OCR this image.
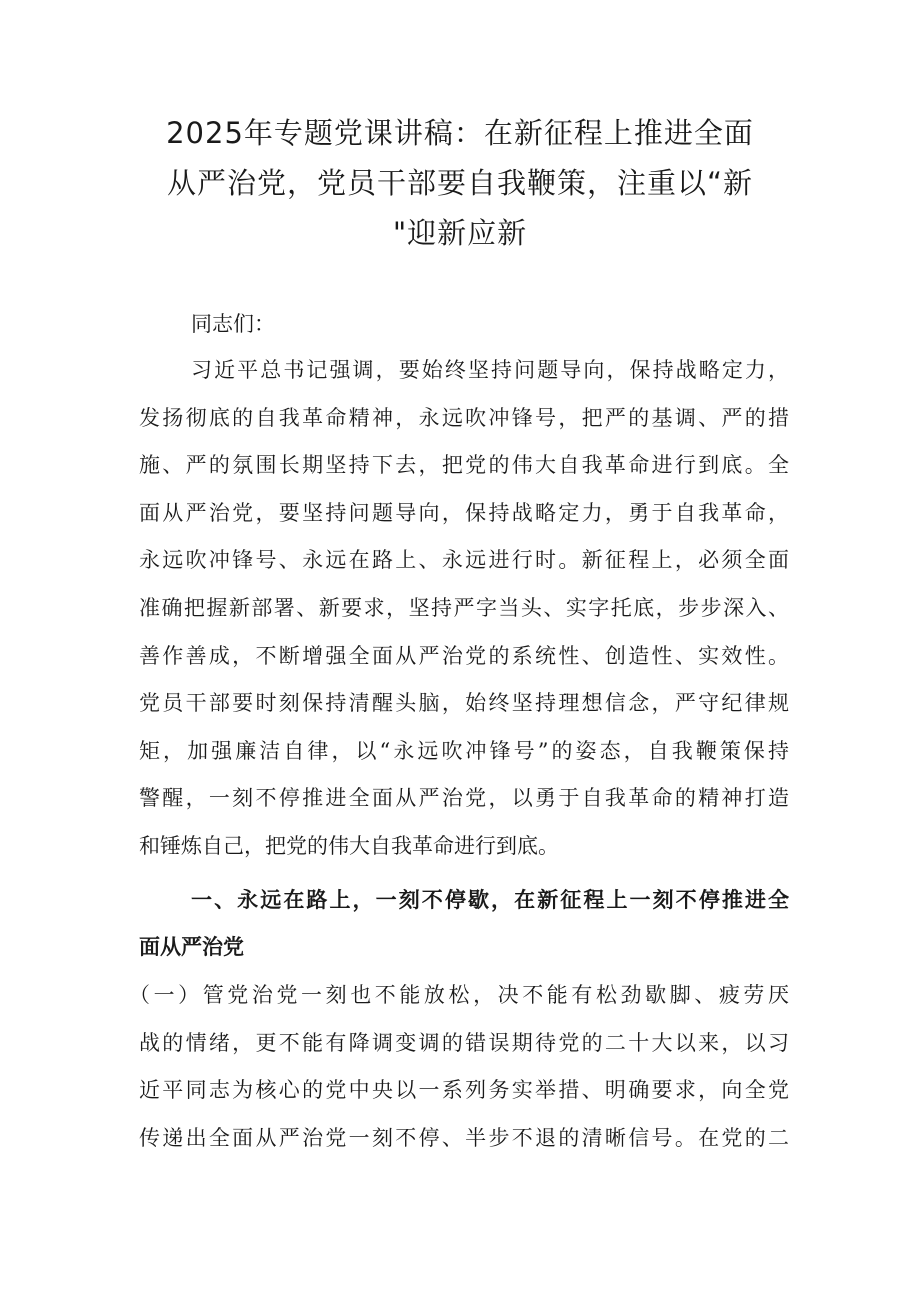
2025年专题党课讲稿：在新征程上推进全面
从严治党，党员干部要自我鞭策，注重以“新
"迎新应新
同志们：
习近平总书记强调，要始终坚持问题导向，保持战略定力，
发扬彻底的自我革命精神，永远吹冲锋号，把严的基调、严的措
施、严的氛围长期坚持下去，把党的伟大自我革命进行到底。全
面从严治党，要坚持问题导向，保持战略定力，勇于自我革命，
永远吹冲锋号、永远在路上、永远进行时。新征程上，必须全面
准确把握新部署、新要求，坚持严字当头、实字托底，步步深入、
善作善成，不断增强全面从严治党的系统性、创造性、实效性。
党员干部要时刻保持清醒头脑，始终坚持理想信念，严守纪律规
矩，加强廉洁自律，以“永远吹冲锋号”的姿态，自我鞭策保持
警醒，一刻不停推进全面从严治党，以勇于自我革命的精神打造
和锤炼自己，把党的伟大自我革命进行到底。
一、永远在路上，一刻不停歇，在新征程上一刻不停推进全
面从严治党
（一）管党治党一刻也不能放松，决不能有松劲歇脚、疲劳厌
战的情绪，更不能有降调变调的错误期待党的二十大以来，以习
近平同志为核心的党中央以一系列务实举措、明确要求，向全党
传递出全面从严治党一刻不停、半步不退的清晰信号。在党的二
